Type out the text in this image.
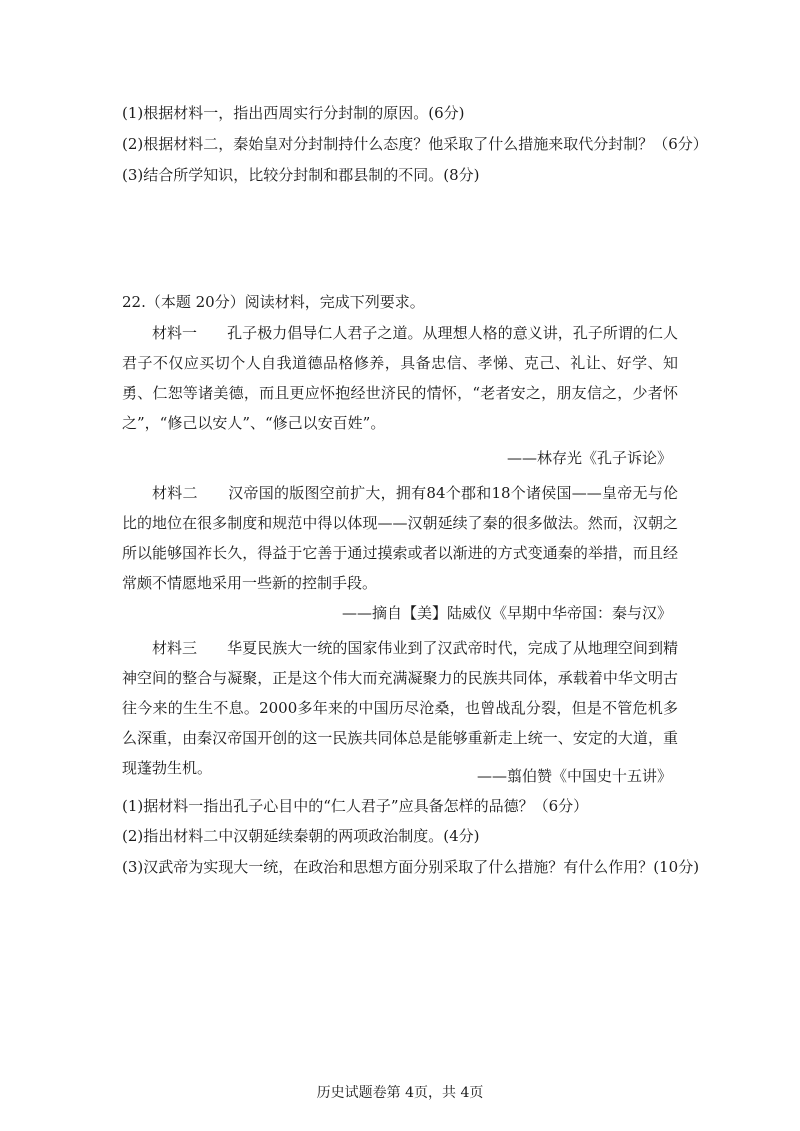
(1)根据材料一，指出西周实行分封制的原因。(6分)
(2)根据材料二，秦始皇对分封制持什么态度？他采取了什么措施来取代分封制？（6分）
(3)结合所学知识，比较分封制和郡县制的不同。(8分)
22.（本题 20分）阅读材料，完成下列要求。
材料一　　孔子极力倡导仁人君子之道。从理想人格的意义讲，孔子所谓的仁人君子不仅应买切个人自我道德品格修养，具备忠信、孝悌、克己、礼让、好学、知勇、仁恕等诸美德，而且更应怀抱经世济民的情怀，“老者安之，朋友信之，少者怀之”，“修己以安人”、“修己以安百姓”。
——林存光《孔子诉论》
材料二　　汉帝国的版图空前扩大，拥有84个郡和18个诸侯国——皇帝无与伦比的地位在很多制度和规范中得以体现——汉朝延续了秦的很多做法。然而，汉朝之所以能够国祚长久，得益于它善于通过摸索或者以渐进的方式变通秦的举措，而且经常颇不情愿地采用一些新的控制手段。
——摘自【美】陆威仪《早期中华帝国：秦与汉》
材料三　　华夏民族大一统的国家伟业到了汉武帝时代，完成了从地理空间到精神空间的整合与凝聚，正是这个伟大而充满凝聚力的民族共同体，承载着中华文明古往今来的生生不息。2000多年来的中国历尽沧桑，也曾战乱分裂，但是不管危机多么深重，由秦汉帝国开创的这一民族共同体总是能够重新走上统一、安定的大道，重现蓬勃生机。	——翦伯赞《中国史十五讲》
(1)据材料一指出孔子心目中的“仁人君子”应具备怎样的品德？（6分）
(2)指出材料二中汉朝延续秦朝的两项政治制度。(4分)
(3)汉武帝为实现大一统，在政治和思想方面分别采取了什么措施？有什么作用？(10分)
历史试题卷第 4页，共 4页
